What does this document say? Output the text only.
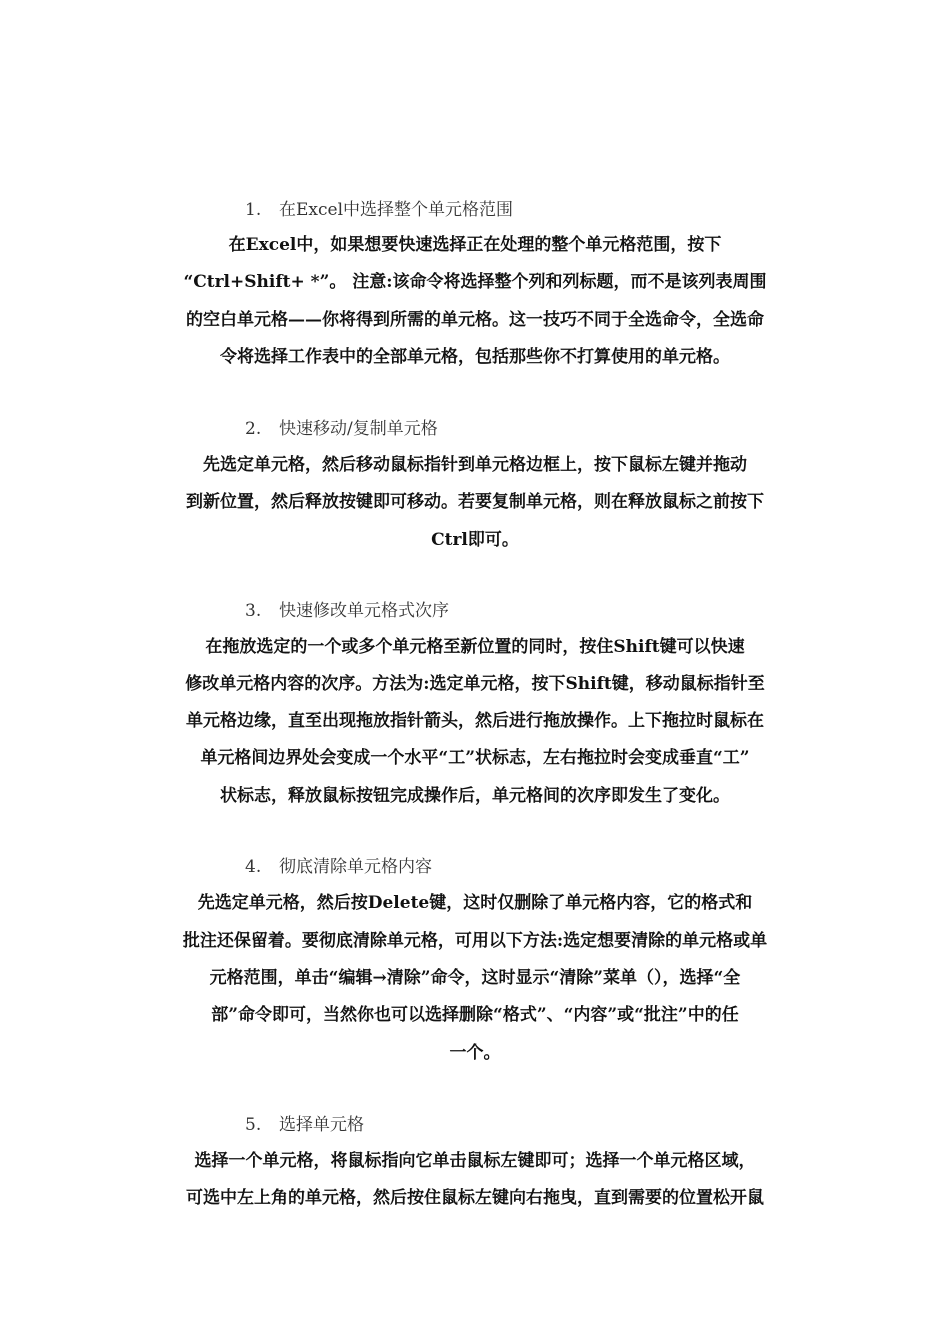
1. 在Excel中选择整个单元格范围
在Excel中，如果想要快速选择正在处理的整个单元格范围，按下
“Ctrl+Shift+ *”。 注意:该命令将选择整个列和列标题，而不是该列表周围
的空白单元格——你将得到所需的单元格。这一技巧不同于全选命令，全选命
令将选择工作表中的全部单元格，包括那些你不打算使用的单元格。
2. 快速移动/复制单元格
先选定单元格，然后移动鼠标指针到单元格边框上，按下鼠标左键并拖动
到新位置，然后释放按键即可移动。若要复制单元格，则在释放鼠标之前按下
Ctrl即可。
3. 快速修改单元格式次序
在拖放选定的一个或多个单元格至新位置的同时，按住Shift键可以快速
修改单元格内容的次序。方法为:选定单元格，按下Shift键，移动鼠标指针至
单元格边缘，直至出现拖放指针箭头，然后进行拖放操作。上下拖拉时鼠标在
单元格间边界处会变成一个水平“工”状标志，左右拖拉时会变成垂直“工”
状标志，释放鼠标按钮完成操作后，单元格间的次序即发生了变化。
4. 彻底清除单元格内容
先选定单元格，然后按Delete键，这时仅删除了单元格内容，它的格式和
批注还保留着。要彻底清除单元格，可用以下方法:选定想要清除的单元格或单
元格范围，单击“编辑→清除”命令，这时显示“清除”菜单（），选择“全
部”命令即可，当然你也可以选择删除“格式”、“内容”或“批注”中的任
一个。
5. 选择单元格
选择一个单元格，将鼠标指向它单击鼠标左键即可；选择一个单元格区域，
可选中左上角的单元格，然后按住鼠标左键向右拖曳，直到需要的位置松开鼠
